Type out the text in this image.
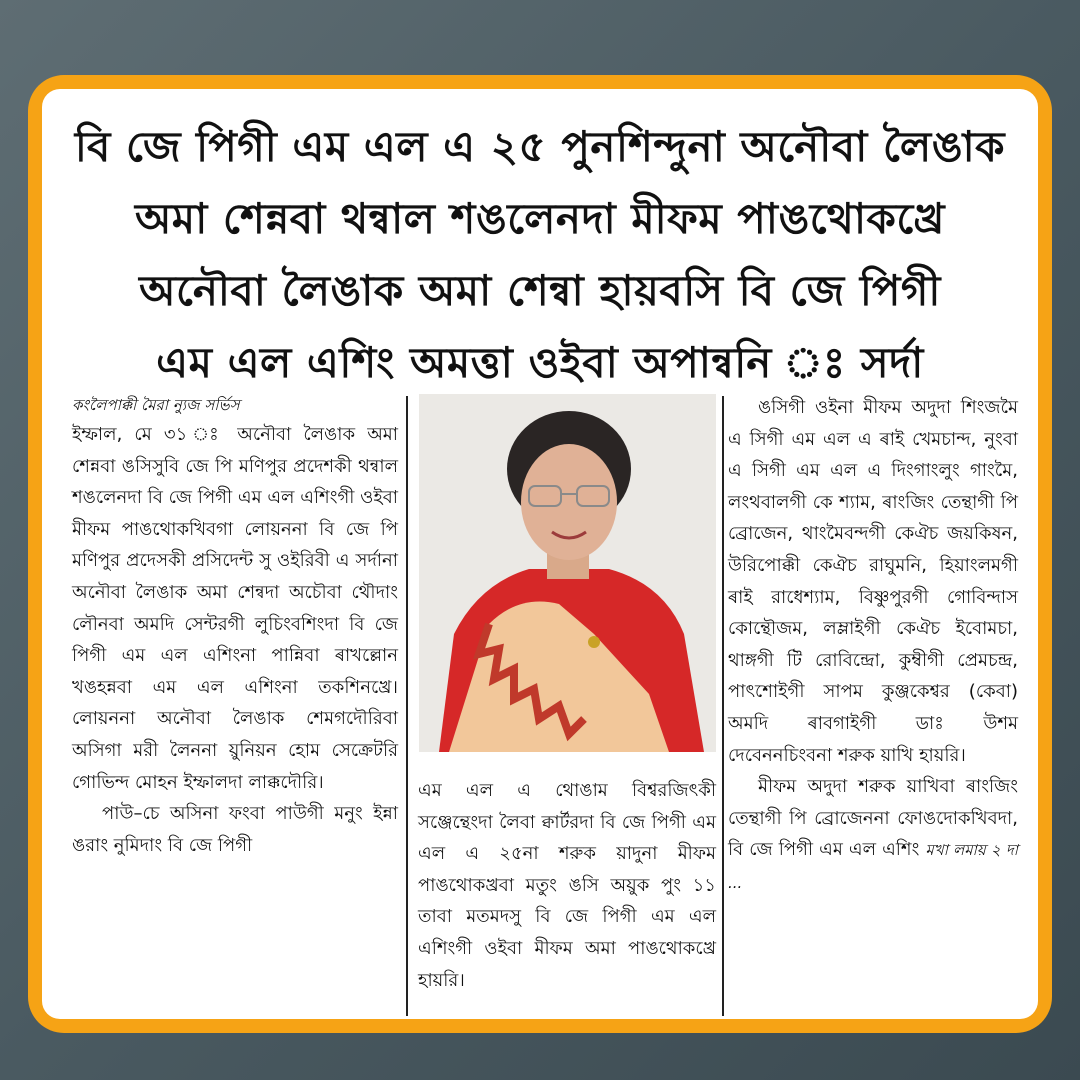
বি জে পিগী এম এল এ ২৫ পুনশিন্দুনা অনৌবা লৈঙাক
অমা শেন্নবা থন্বাল শঙলেনদা মীফম পাঙথোকখ্রে
অনৌবা লৈঙাক অমা শেন্বা হায়বসি বি জে পিগী
এম এল এশিং অমত্তা ওইবা অপান্বনি ঃ সর্দা
কংলৈপাক্কী মৈরা ন্যুজ সর্ভিস
ইম্ফাল, মে ৩১ ঃ অনৌবা লৈঙাক অমা শেন্নবা ঙসিসুবি জে পি মণিপুর প্রদেশকী থন্বাল শঙলেনদা বি জে পিগী এম এল এশিংগী ওইবা মীফম পাঙথোকখিবগা লোয়ননা বি জে পি মণিপুর প্রদেসকী প্রসিদেন্ট সু ওইরিবী এ সর্দানা অনৌবা লৈঙাক অমা শেন্বদা অচৌবা থৌদাং লৌনবা অমদি সেন্টরগী লুচিংবশিংদা বি জে পিগী এম এল এশিংনা পান্নিবা ৰাখল্লোন খঙহন্নবা এম এল এশিংনা তকশিনখ্রে। লোয়ননা অনৌবা লৈঙাক শেমগদৌরিবা অসিগা মরী লৈননা য়ুনিয়ন হোম সেক্রেটরি গোভিন্দ মোহন ইম্ফালদা লাক্কদৌরি।
পাউ–চে অসিনা ফংবা পাউগী মনুং ইন্না ঙরাং নুমিদাং বি জে পিগী
এম এল এ থোঙাম বিশ্বরজিৎকী সঞ্জেন্থেংদা লৈবা ক্বার্টরদা বি জে পিগী এম এল এ ২৫না শরুক য়াদুনা মীফম পাঙথোকখ্রবা মতুং ঙসি অয়ুক পুং ১১ তাবা মতমদসু বি জে পিগী এম এল এশিংগী ওইবা মীফম অমা পাঙথোকখ্রে হায়রি।
ঙসিগী ওইনা মীফম অদুদা শিংজমৈ এ সিগী এম এল এ ৰাই খেমচান্দ, নুংবা এ সিগী এম এল এ দিংগাংলুং গাংমৈ, লংথবালগী কে শ্যাম, ৰাংজিং তেন্থাগী পি ব্রোজেন, থাংমৈবন্দগী কেঐচ জয়কিষন, উরিপোক্কী কেঐচ রাঘুমনি, হিয়াংলমগী ৰাই রাধেশ্যাম, বিষ্ণুপুরগী গোবিন্দাস কোন্থৌজম, লম্লাইগী কেঐচ ইবোমচা, থাঙ্গগী টি রোবিন্দ্রো, কুম্বীগী প্রেমচন্দ্র, পাৎশোইগী সাপম কুঞ্জকেশ্বর (কেবা) অমদি ৰাবগাইগী ডাঃ উশম দেবেননচিংবনা শরুক য়াখি হায়রি।
মীফম অদুদা শরুক য়াখিবা ৰাংজিং তেন্থাগী পি ব্রোজেননা ফোঙদোকখিবদা, বি জে পিগী এম এল এশিং মখা লমায় ২ দা ...
